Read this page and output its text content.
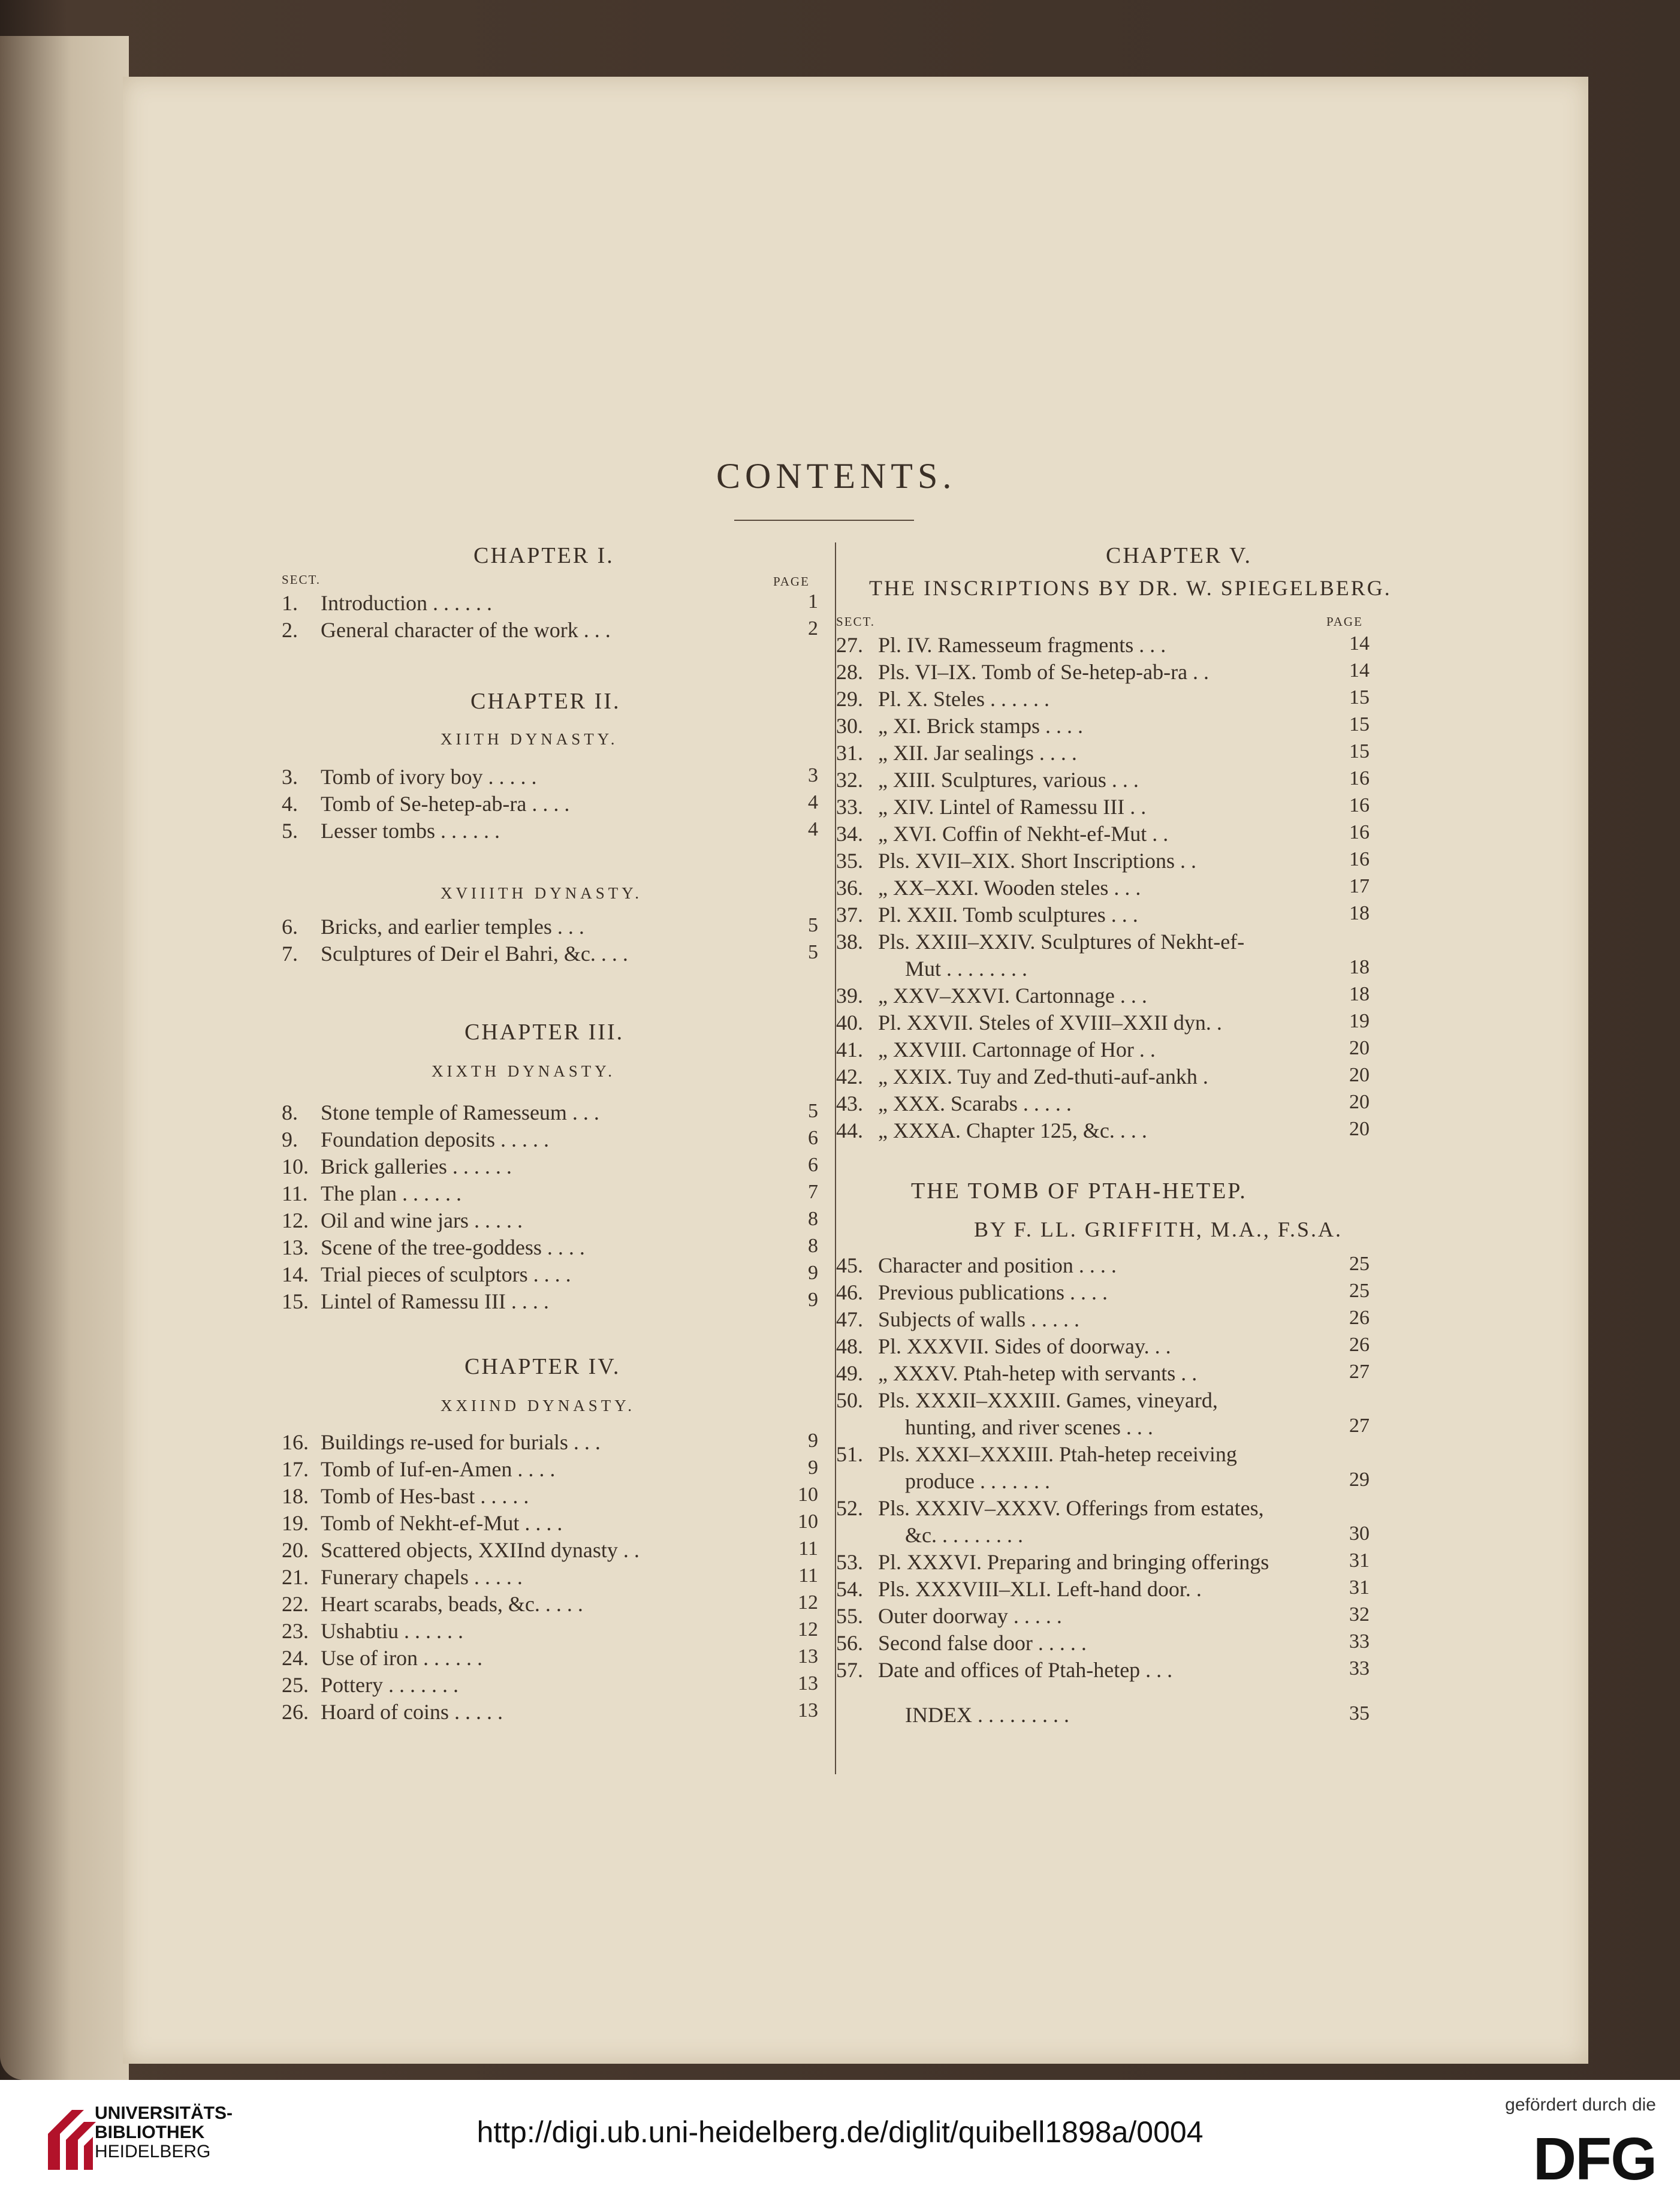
CONTENTS.
CHAPTER I.
SECT.	PAGE
CHAPTER II.
XIITH DYNASTY.
XVIIITH DYNASTY.
CHAPTER III.
XIXTH DYNASTY.
CHAPTER IV.
XXIIND DYNASTY.
1. Introduction . . . . . .	1
2. General character of the work . . .	2
3. Tomb of ivory boy . . . . .	3
4. Tomb of Se-hetep-ab-ra . . . .	4
5. Lesser tombs . . . . . .	4
6. Bricks, and earlier temples . . .	5
7. Sculptures of Deir el Bahri, &c. . . .	5
8. Stone temple of Ramesseum . . .	5
9. Foundation deposits . . . . .	6
10. Brick galleries . . . . . .	6
11. The plan . . . . . .	7
12. Oil and wine jars . . . . .	8
13. Scene of the tree-goddess . . . .	8
14. Trial pieces of sculptors . . . .	9
15. Lintel of Ramessu III . . . .	9
16. Buildings re-used for burials . . .	9
17. Tomb of Iuf-en-Amen . . . .	9
18. Tomb of Hes-bast . . . . .	10
19. Tomb of Nekht-ef-Mut . . . .	10
20. Scattered objects, XXIInd dynasty . .	11
21. Funerary chapels . . . . .	11
22. Heart scarabs, beads, &c. . . . .	12
23. Ushabtiu . . . . . .	12
24. Use of iron . . . . . .	13
25. Pottery . . . . . . .	13
26. Hoard of coins . . . . .	13
CHAPTER V.
THE INSCRIPTIONS BY DR. W. SPIEGELBERG.
SECT.	PAGE
THE TOMB OF PTAH-HETEP.
BY F. LL. GRIFFITH, M.A., F.S.A.
27. Pl. IV. Ramesseum fragments . . .	14
28. Pls. VI–IX. Tomb of Se-hetep-ab-ra . .	14
29. Pl. X. Steles . . . . . .	15
30. „ XI. Brick stamps . . . .	15
31. „ XII. Jar sealings . . . .	15
32. „ XIII. Sculptures, various . . .	16
33. „ XIV. Lintel of Ramessu III . .	16
34. „ XVI. Coffin of Nekht-ef-Mut . .	16
35. Pls. XVII–XIX. Short Inscriptions . .	16
36. „ XX–XXI. Wooden steles . . .	17
37. Pl. XXII. Tomb sculptures . . .	18
38. Pls. XXIII–XXIV. Sculptures of Nekht-ef-
Mut . . . . . . . .	18
39. „ XXV–XXVI. Cartonnage . . .	18
40. Pl. XXVII. Steles of XVIII–XXII dyn. .	19
41. „ XXVIII. Cartonnage of Hor . .	20
42. „ XXIX. Tuy and Zed-thuti-auf-ankh .	20
43. „ XXX. Scarabs . . . . .	20
44. „ XXXA. Chapter 125, &c. . . .	20
45. Character and position . . . .	25
46. Previous publications . . . .	25
47. Subjects of walls . . . . .	26
48. Pl. XXXVII. Sides of doorway. . .	26
49. „ XXXV. Ptah-hetep with servants . .	27
50. Pls. XXXII–XXXIII. Games, vineyard,
hunting, and river scenes . . .	27
51. Pls. XXXI–XXXIII. Ptah-hetep receiving
produce . . . . . . .	29
52. Pls. XXXIV–XXXV. Offerings from estates,
&c. . . . . . . . .	30
53. Pl. XXXVI. Preparing and bringing offerings	31
54. Pls. XXXVIII–XLI. Left-hand door. .	31
55. Outer doorway . . . . .	32
56. Second false door . . . . .	33
57. Date and offices of Ptah-hetep . . .	33
INDEX . . . . . . . . .	35
UNIVERSITÄTS-
BIBLIOTHEK
HEIDELBERG
http://digi.ub.uni-heidelberg.de/diglit/quibell1898a/0004
gefördert durch die
DFG
